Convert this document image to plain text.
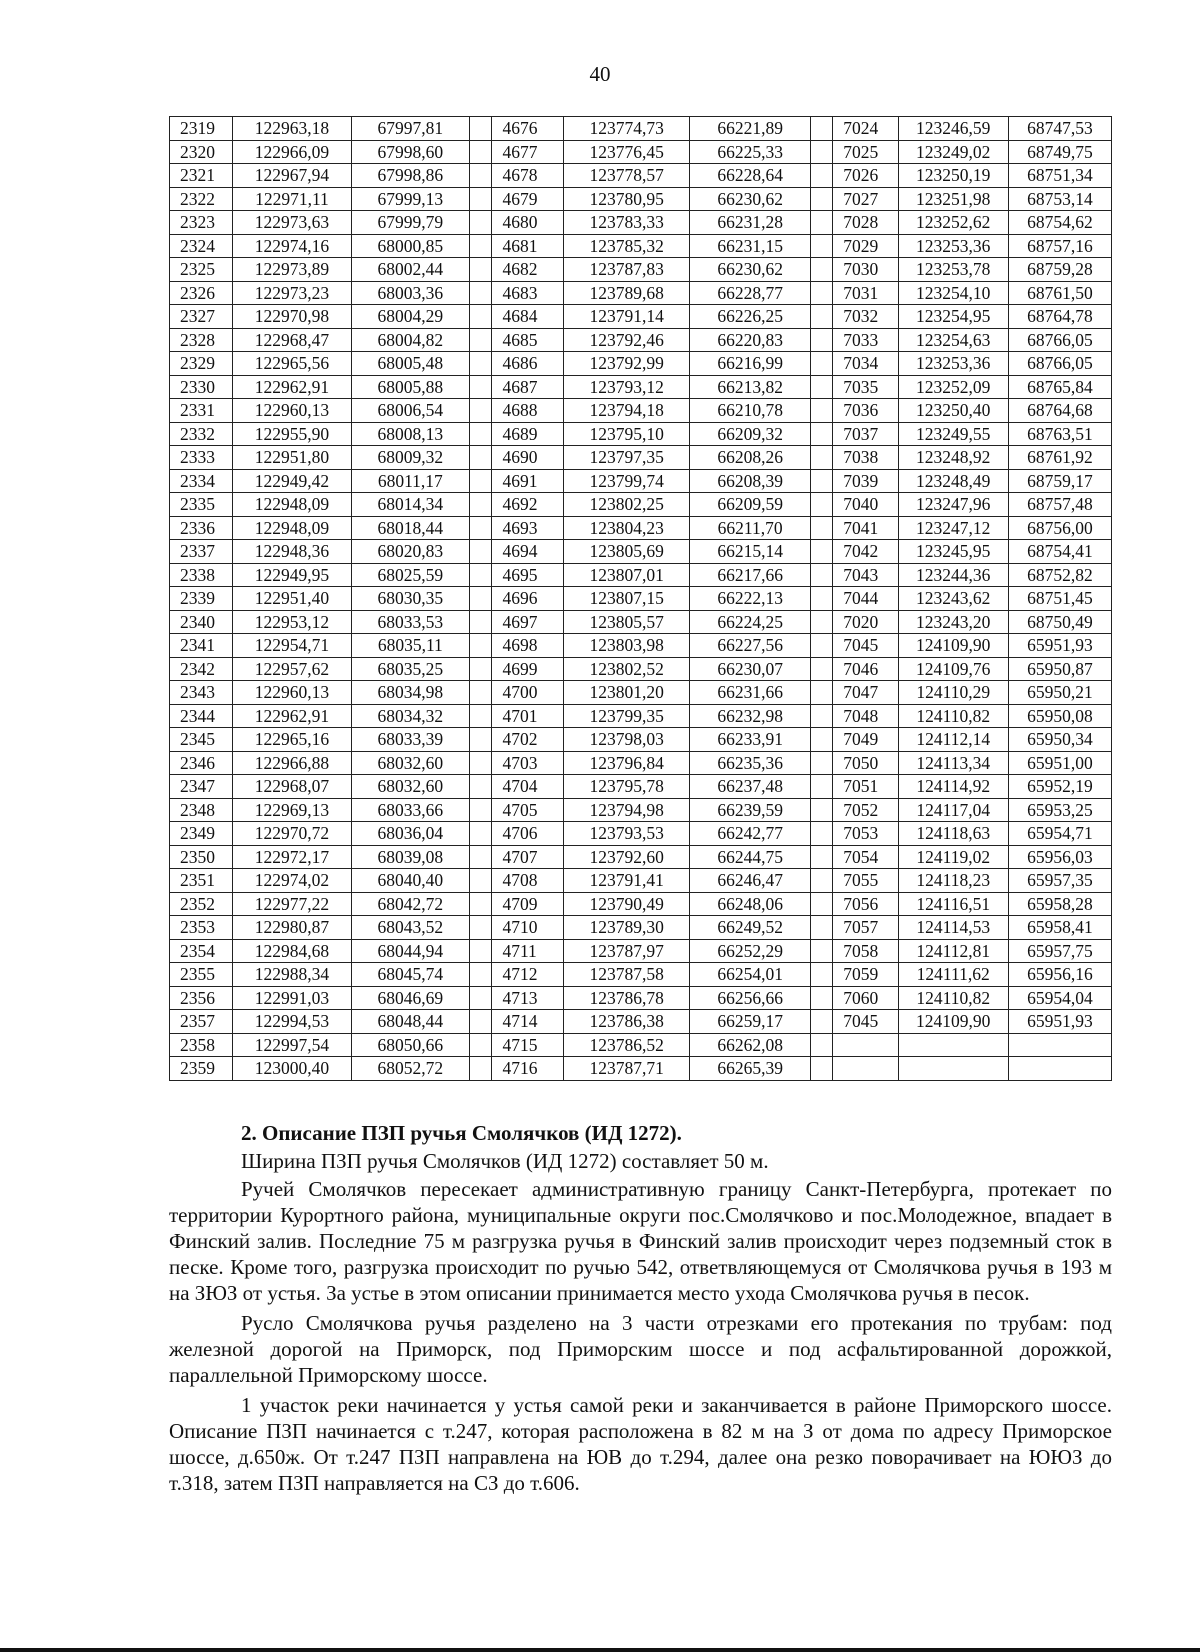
40
2319	122963,18	67997,81		4676	123774,73	66221,89		7024	123246,59	68747,53
2320	122966,09	67998,60		4677	123776,45	66225,33		7025	123249,02	68749,75
2321	122967,94	67998,86		4678	123778,57	66228,64		7026	123250,19	68751,34
2322	122971,11	67999,13		4679	123780,95	66230,62		7027	123251,98	68753,14
2323	122973,63	67999,79		4680	123783,33	66231,28		7028	123252,62	68754,62
2324	122974,16	68000,85		4681	123785,32	66231,15		7029	123253,36	68757,16
2325	122973,89	68002,44		4682	123787,83	66230,62		7030	123253,78	68759,28
2326	122973,23	68003,36		4683	123789,68	66228,77		7031	123254,10	68761,50
2327	122970,98	68004,29		4684	123791,14	66226,25		7032	123254,95	68764,78
2328	122968,47	68004,82		4685	123792,46	66220,83		7033	123254,63	68766,05
2329	122965,56	68005,48		4686	123792,99	66216,99		7034	123253,36	68766,05
2330	122962,91	68005,88		4687	123793,12	66213,82		7035	123252,09	68765,84
2331	122960,13	68006,54		4688	123794,18	66210,78		7036	123250,40	68764,68
2332	122955,90	68008,13		4689	123795,10	66209,32		7037	123249,55	68763,51
2333	122951,80	68009,32		4690	123797,35	66208,26		7038	123248,92	68761,92
2334	122949,42	68011,17		4691	123799,74	66208,39		7039	123248,49	68759,17
2335	122948,09	68014,34		4692	123802,25	66209,59		7040	123247,96	68757,48
2336	122948,09	68018,44		4693	123804,23	66211,70		7041	123247,12	68756,00
2337	122948,36	68020,83		4694	123805,69	66215,14		7042	123245,95	68754,41
2338	122949,95	68025,59		4695	123807,01	66217,66		7043	123244,36	68752,82
2339	122951,40	68030,35		4696	123807,15	66222,13		7044	123243,62	68751,45
2340	122953,12	68033,53		4697	123805,57	66224,25		7020	123243,20	68750,49
2341	122954,71	68035,11		4698	123803,98	66227,56		7045	124109,90	65951,93
2342	122957,62	68035,25		4699	123802,52	66230,07		7046	124109,76	65950,87
2343	122960,13	68034,98		4700	123801,20	66231,66		7047	124110,29	65950,21
2344	122962,91	68034,32		4701	123799,35	66232,98		7048	124110,82	65950,08
2345	122965,16	68033,39		4702	123798,03	66233,91		7049	124112,14	65950,34
2346	122966,88	68032,60		4703	123796,84	66235,36		7050	124113,34	65951,00
2347	122968,07	68032,60		4704	123795,78	66237,48		7051	124114,92	65952,19
2348	122969,13	68033,66		4705	123794,98	66239,59		7052	124117,04	65953,25
2349	122970,72	68036,04		4706	123793,53	66242,77		7053	124118,63	65954,71
2350	122972,17	68039,08		4707	123792,60	66244,75		7054	124119,02	65956,03
2351	122974,02	68040,40		4708	123791,41	66246,47		7055	124118,23	65957,35
2352	122977,22	68042,72		4709	123790,49	66248,06		7056	124116,51	65958,28
2353	122980,87	68043,52		4710	123789,30	66249,52		7057	124114,53	65958,41
2354	122984,68	68044,94		4711	123787,97	66252,29		7058	124112,81	65957,75
2355	122988,34	68045,74		4712	123787,58	66254,01		7059	124111,62	65956,16
2356	122991,03	68046,69		4713	123786,78	66256,66		7060	124110,82	65954,04
2357	122994,53	68048,44		4714	123786,38	66259,17		7045	124109,90	65951,93
2358	122997,54	68050,66		4715	123786,52	66262,08				
2359	123000,40	68052,72		4716	123787,71	66265,39				

2. Описание ПЗП ручья Смолячков (ИД 1272).

Ширина ПЗП ручья Смолячков (ИД 1272) составляет 50 м.

Ручей Смолячков пересекает административную границу Санкт-Петербурга, протекает по территории Курортного района, муниципальные округи пос.Смолячково и пос.Молодежное, впадает в Финский залив. Последние 75 м разгрузка ручья в Финский залив происходит через подземный сток в песке. Кроме того, разгрузка происходит по ручью 542, ответвляющемуся от Смолячкова ручья в 193 м на ЗЮЗ от устья. За устье в этом описании принимается место ухода Смолячкова ручья в песок.

Русло Смолячкова ручья разделено на 3 части отрезками его протекания по трубам: под железной дорогой на Приморск, под Приморским шоссе и под асфальтированной дорожкой, параллельной Приморскому шоссе.

1 участок реки начинается у устья самой реки и заканчивается в районе Приморского шоссе. Описание ПЗП начинается с т.247, которая расположена в 82 м на З от дома по адресу Приморское шоссе, д.650ж. От т.247 ПЗП направлена на ЮВ до т.294, далее она резко поворачивает на ЮЮЗ до т.318, затем ПЗП направляется на СЗ до т.606.
